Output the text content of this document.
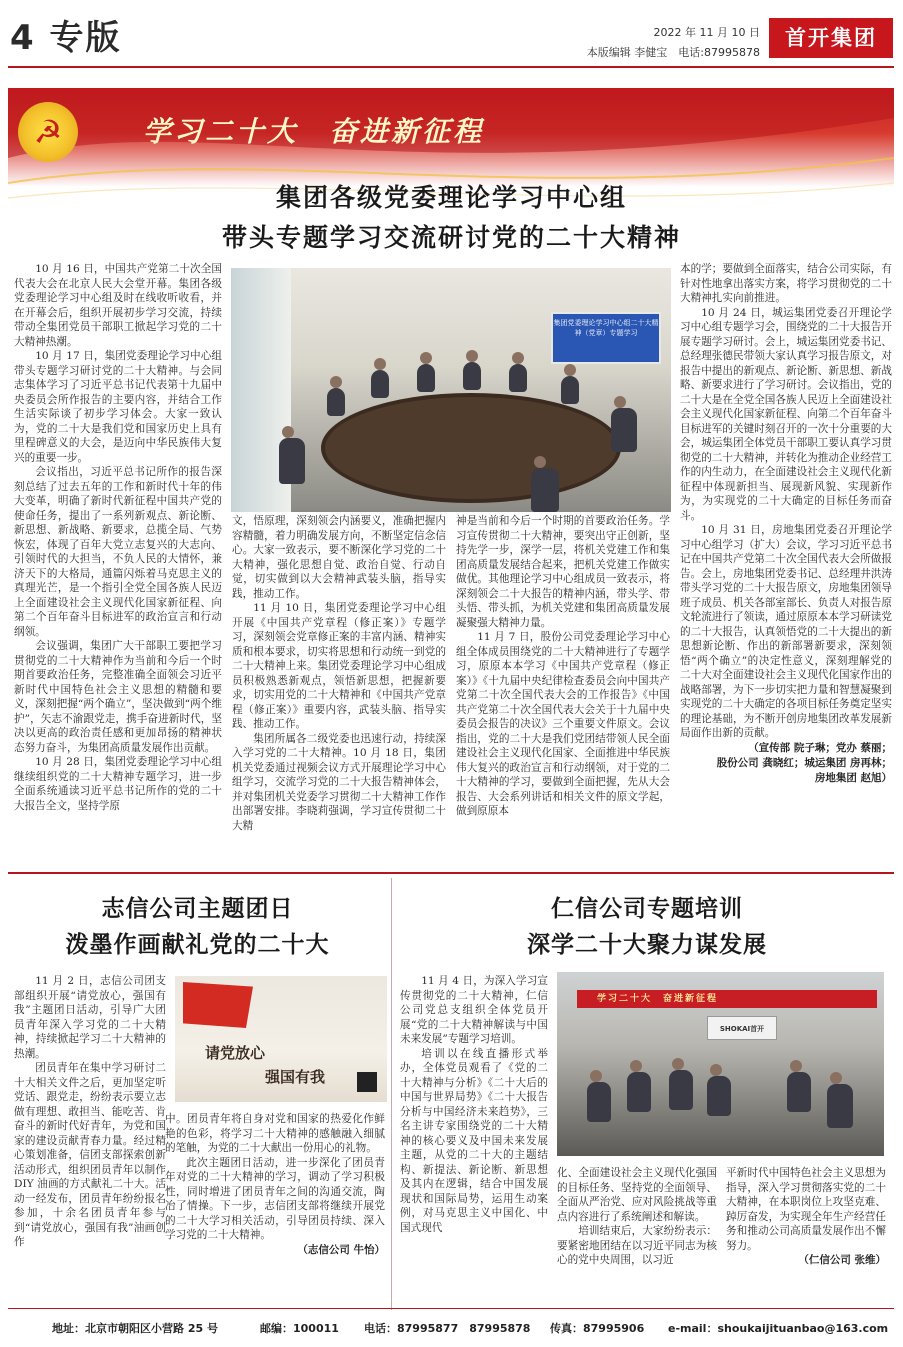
4 专版	2022 年 11 月 10 日
本版编辑 李健宝　电话:87995878
首开集团
☭	学习二十大　奋进新征程
集团各级党委理论学习中心组
带头专题学习交流研讨党的二十大精神

10 月 16 日，中国共产党第二十次全国代表大会在北京人民大会堂开幕。集团各级党委理论学习中心组及时在线收听收看，并在开幕会后，组织开展初步学习交流，持续带动全集团党员干部职工掀起学习党的二十大精神热潮。

10 月 17 日，集团党委理论学习中心组带头专题学习研讨党的二十大精神。与会同志集体学习了习近平总书记代表第十九届中央委员会所作报告的主要内容，并结合工作生活实际谈了初步学习体会。大家一致认为，党的二十大是我们党和国家历史上具有里程碑意义的大会，是迈向中华民族伟大复兴的重要一步。

会议指出，习近平总书记所作的报告深刻总结了过去五年的工作和新时代十年的伟大变革，明确了新时代新征程中国共产党的使命任务，提出了一系列新观点、新论断、新思想、新战略、新要求，总揽全局、气势恢宏，体现了百年大党立志复兴的大志向、引领时代的大担当，不负人民的大情怀，兼济天下的大格局，通篇闪烁着马克思主义的真理光芒，是一个指引全党全国各族人民迈上全面建设社会主义现代化国家新征程、向第二个百年奋斗目标进军的政治宣言和行动纲领。

会议强调，集团广大干部职工要把学习贯彻党的二十大精神作为当前和今后一个时期首要政治任务，完整准确全面领会习近平新时代中国特色社会主义思想的精髓和要义，深刻把握“两个确立”，坚决做到“两个维护”，矢志不渝跟党走，携手奋进新时代，坚决以更高的政治责任感和更加昂扬的精神状态努力奋斗，为集团高质量发展作出贡献。

10 月 28 日，集团党委理论学习中心组继续组织党的二十大精神专题学习，进一步全面系统通读习近平总书记所作的党的二十大报告全文，坚持学原

集团党委理论学习中心组二十大精神（党章）专题学习

文，悟原理，深刻领会内涵要义，准确把握内容精髓，着力明确发展方向，不断坚定信念信心。大家一致表示，要不断深化学习党的二十大精神，强化思想自觉、政治自觉、行动自觉，切实做到以大会精神武装头脑，指导实践，推动工作。

11 月 10 日，集团党委理论学习中心组开展《中国共产党章程（修正案）》专题学习，深刻领会党章修正案的丰富内涵、精神实质和根本要求，切实将思想和行动统一到党的二十大精神上来。集团党委理论学习中心组成员积极熟悉新观点，领悟新思想，把握新要求，切实用党的二十大精神和《中国共产党章程（修正案）》重要内容，武装头脑、指导实践、推动工作。

集团所属各二级党委也迅速行动，持续深入学习党的二十大精神。10 月 18 日，集团机关党委通过视频会议方式开展理论学习中心组学习，交流学习党的二十大报告精神体会，并对集团机关党委学习贯彻二十大精神工作作出部署安排。李晓莉强调，学习宣传贯彻二十大精

神是当前和今后一个时期的首要政治任务。学习宣传贯彻二十大精神，要突出守正创新，坚持先学一步，深学一层，将机关党建工作和集团高质量发展结合起来，把机关党建工作做实做优。其他理论学习中心组成员一致表示，将深刻领会二十大报告的精神内涵，带头学、带头悟、带头抓，为机关党建和集团高质量发展凝聚强大精神力量。

11 月 7 日，股份公司党委理论学习中心组全体成员围绕党的二十大精神进行了专题学习，原原本本学习《中国共产党章程（修正案）》《十九届中央纪律检查委员会向中国共产党第二十次全国代表大会的工作报告》《中国共产党第二十次全国代表大会关于十九届中央委员会报告的决议》三个重要文件原文。会议指出，党的二十大是我们党团结带领人民全面建设社会主义现代化国家、全面推进中华民族伟大复兴的政治宣言和行动纲领，对于党的二十大精神的学习，要做到全面把握，先从大会报告、大会系列讲话和相关文件的原文学起，做到原原本

本的学；要做到全面落实，结合公司实际，有针对性地拿出落实方案，将学习贯彻党的二十大精神扎实向前推进。

10 月 24 日，城运集团党委召开理论学习中心组专题学习会，围绕党的二十大报告开展专题学习研讨。会上，城运集团党委书记、总经理张德民带领大家认真学习报告原文，对报告中提出的新观点、新论断、新思想、新战略、新要求进行了学习研讨。会议指出，党的二十大是在全党全国各族人民迈上全面建设社会主义现代化国家新征程、向第二个百年奋斗目标进军的关键时刻召开的一次十分重要的大会，城运集团全体党员干部职工要认真学习贯彻党的二十大精神，并转化为推动企业经营工作的内生动力，在全面建设社会主义现代化新征程中体现新担当、展现新风貌、实现新作为，为实现党的二十大确定的目标任务而奋斗。

10 月 31 日，房地集团党委召开理论学习中心组学习（扩大）会议，学习习近平总书记在中国共产党第二十次全国代表大会所做报告。会上，房地集团党委书记、总经理井洪涛带头学习党的二十大报告原文，房地集团领导班子成员、机关各部室部长、负责人对报告原文轮流进行了领读，通过原原本本学习研读党的二十大报告，认真领悟党的二十大提出的新思想新论断、作出的新部署新要求，深刻领悟“两个确立”的决定性意义，深刻理解党的二十大对全面建设社会主义现代化国家作出的战略部署，为下一步切实把力量和智慧凝聚到实现党的二十大确定的各项目标任务奠定坚实的理论基础，为不断开创房地集团改革发展新局面作出新的贡献。

（宣传部 院子琳；党办 蔡丽；
股份公司 龚晓红；城运集团 房再林；
房地集团 赵旭）
志信公司主题团日
泼墨作画献礼党的二十大

11 月 2 日，志信公司团支部组织开展“请党放心，强国有我”主题团日活动，引导广大团员青年深入学习党的二十大精神，持续掀起学习二十大精神的热潮。

团员青年在集中学习研讨二十大相关文件之后，更加坚定听党话、跟党走，纷纷表示要立志做有理想、敢担当、能吃苦、肯奋斗的新时代好青年，为党和国家的建设贡献青春力量。经过精心策划准备，信团支部探索创新活动形式，组织团员青年以制作 DIY 油画的方式献礼二十大。活动一经发布，团员青年纷纷报名参加，十余名团员青年参与到“请党放心，强国有我”油画创作

请党放心
强国有我

中。团员青年将自身对党和国家的热爱化作鲜艳的色彩，将学习二十大精神的感触融入细腻的笔触，为党的二十大献出一份用心的礼物。

此次主题团日活动，进一步深化了团员青年对党的二十大精神的学习，调动了学习积极性，同时增进了团员青年之间的沟通交流，陶冶了情操。下一步，志信团支部将继续开展党的二十大学习相关活动，引导团员持续、深入学习党的二十大精神。

（志信公司 牛怡）
仁信公司专题培训
深学二十大聚力谋发展

11 月 4 日，为深入学习宣传贯彻党的二十大精神，仁信公司党总支组织全体党员开展“党的二十大精神解读与中国未来发展”专题学习培训。

培训以在线直播形式举办，全体党员观看了《党的二十大精神与分析》《二十大后的中国与世界局势》《二十大报告分析与中国经济未来趋势》，三名主讲专家围绕党的二十大精神的核心要义及中国未来发展主题，从党的二十大的主题结构、新提法、新论断、新思想及其内在逻辑，结合中国发展现状和国际局势，运用生动案例，对马克思主义中国化、中国式现代

学习二十大　奋进新征程
SHOKAI首开

化、全面建设社会主义现代化强国的目标任务、坚持党的全面领导、全面从严治党、应对风险挑战等重点内容进行了系统阐述和解读。

培训结束后，大家纷纷表示：要紧密地团结在以习近平同志为核心的党中央周围，以习近

平新时代中国特色社会主义思想为指导，深入学习贯彻落实党的二十大精神，在本职岗位上攻坚克难、踔厉奋发，为实现全年生产经营任务和推动公司高质量发展作出不懈努力。

（仁信公司 张维）
地址：北京市朝阳区小营路 25 号	邮编：100011 电话：87995877　87995878 传真：87995906 e-mail：shoukaijituanbao@163.com
